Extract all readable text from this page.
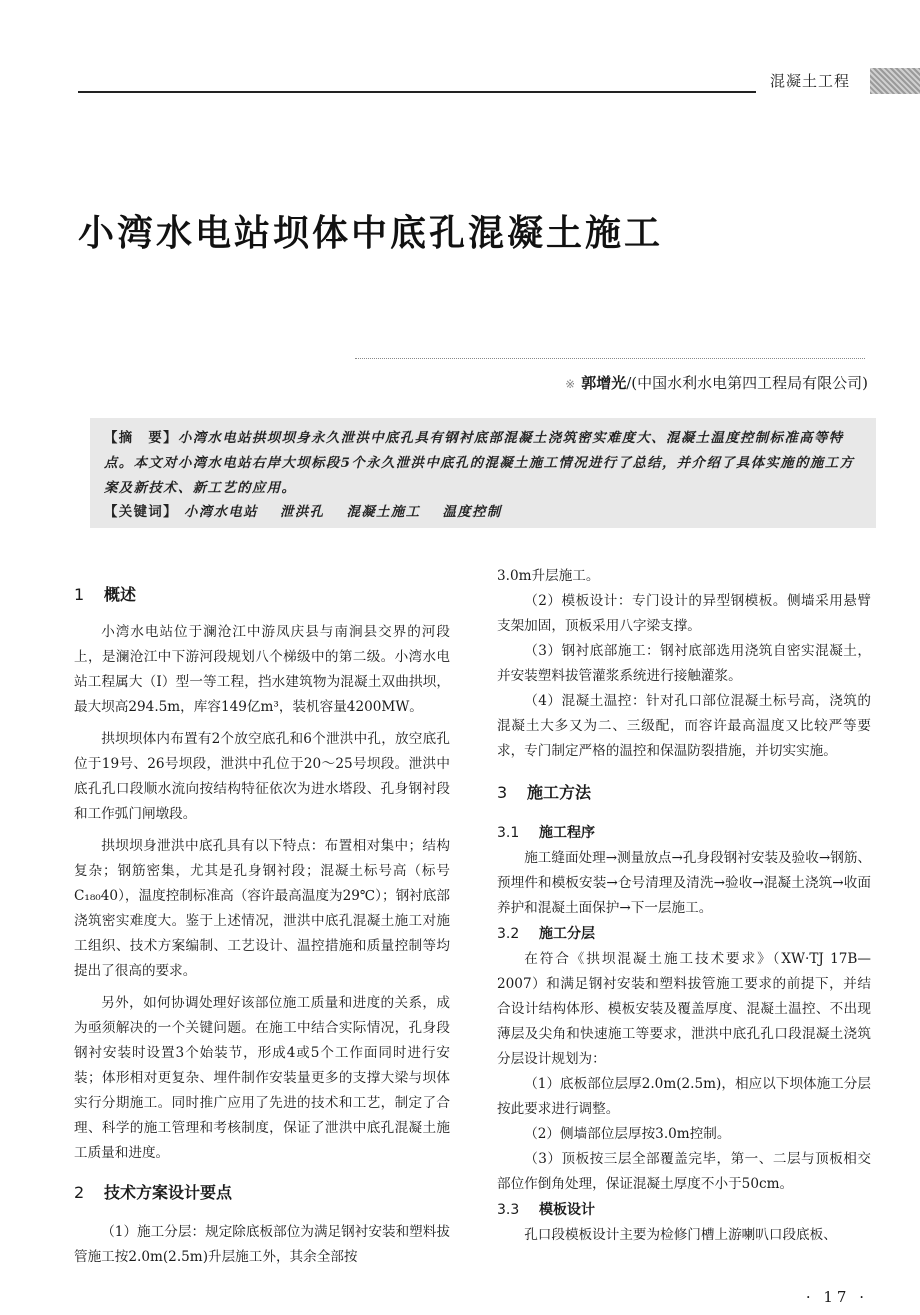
混凝土工程
小湾水电站坝体中底孔混凝土施工
※ 郭增光/(中国水利水电第四工程局有限公司)
【摘　要】小湾水电站拱坝坝身永久泄洪中底孔具有钢衬底部混凝土浇筑密实难度大、混凝土温度控制标准高等特点。本文对小湾水电站右岸大坝标段5个永久泄洪中底孔的混凝土施工情况进行了总结，并介绍了具体实施的施工方案及新技术、新工艺的应用。
【关键词】 小湾水电站 泄洪孔 混凝土施工 温度控制
1 概述

小湾水电站位于澜沧江中游凤庆县与南涧县交界的河段上，是澜沧江中下游河段规划八个梯级中的第二级。小湾水电站工程属大（Ⅰ）型一等工程，挡水建筑物为混凝土双曲拱坝，最大坝高294.5m，库容149亿m³，装机容量4200MW。

拱坝坝体内布置有2个放空底孔和6个泄洪中孔，放空底孔位于19号、26号坝段，泄洪中孔位于20～25号坝段。泄洪中底孔孔口段顺水流向按结构特征依次为进水塔段、孔身钢衬段和工作弧门闸墩段。

拱坝坝身泄洪中底孔具有以下特点：布置相对集中；结构复杂；钢筋密集，尤其是孔身钢衬段；混凝土标号高（标号C₁₈₀40），温度控制标准高（容许最高温度为29℃）；钢衬底部浇筑密实难度大。鉴于上述情况，泄洪中底孔混凝土施工对施工组织、技术方案编制、工艺设计、温控措施和质量控制等均提出了很高的要求。

另外，如何协调处理好该部位施工质量和进度的关系，成为亟须解决的一个关键问题。在施工中结合实际情况，孔身段钢衬安装时设置3个始装节，形成4或5个工作面同时进行安装；体形相对更复杂、埋件制作安装量更多的支撑大梁与坝体实行分期施工。同时推广应用了先进的技术和工艺，制定了合理、科学的施工管理和考核制度，保证了泄洪中底孔混凝土施工质量和进度。

2 技术方案设计要点

（1）施工分层：规定除底板部位为满足钢衬安装和塑料拔管施工按2.0m(2.5m)升层施工外，其余全部按

3.0m升层施工。

（2）模板设计：专门设计的异型钢模板。侧墙采用悬臂支架加固，顶板采用八字梁支撑。

（3）钢衬底部施工：钢衬底部选用浇筑自密实混凝土，并安装塑料拔管灌浆系统进行接触灌浆。

（4）混凝土温控：针对孔口部位混凝土标号高，浇筑的混凝土大多又为二、三级配，而容许最高温度又比较严等要求，专门制定严格的温控和保温防裂措施，并切实实施。

3 施工方法
3.1 施工程序

施工缝面处理→测量放点→孔身段钢衬安装及验收→钢筋、预埋件和模板安装→仓号清理及清洗→验收→混凝土浇筑→收面养护和混凝土面保护→下一层施工。

3.2 施工分层

在符合《拱坝混凝土施工技术要求》（XW·TJ 17B—2007）和满足钢衬安装和塑料拔管施工要求的前提下，并结合设计结构体形、模板安装及覆盖厚度、混凝土温控、不出现薄层及尖角和快速施工等要求，泄洪中底孔孔口段混凝土浇筑分层设计规划为：

（1）底板部位层厚2.0m(2.5m)，相应以下坝体施工分层按此要求进行调整。

（2）侧墙部位层厚按3.0m控制。

（3）顶板按三层全部覆盖完毕，第一、二层与顶板相交部位作倒角处理，保证混凝土厚度不小于50cm。

3.3 模板设计

孔口段模板设计主要为检修门槽上游喇叭口段底板、

· 17 ·
